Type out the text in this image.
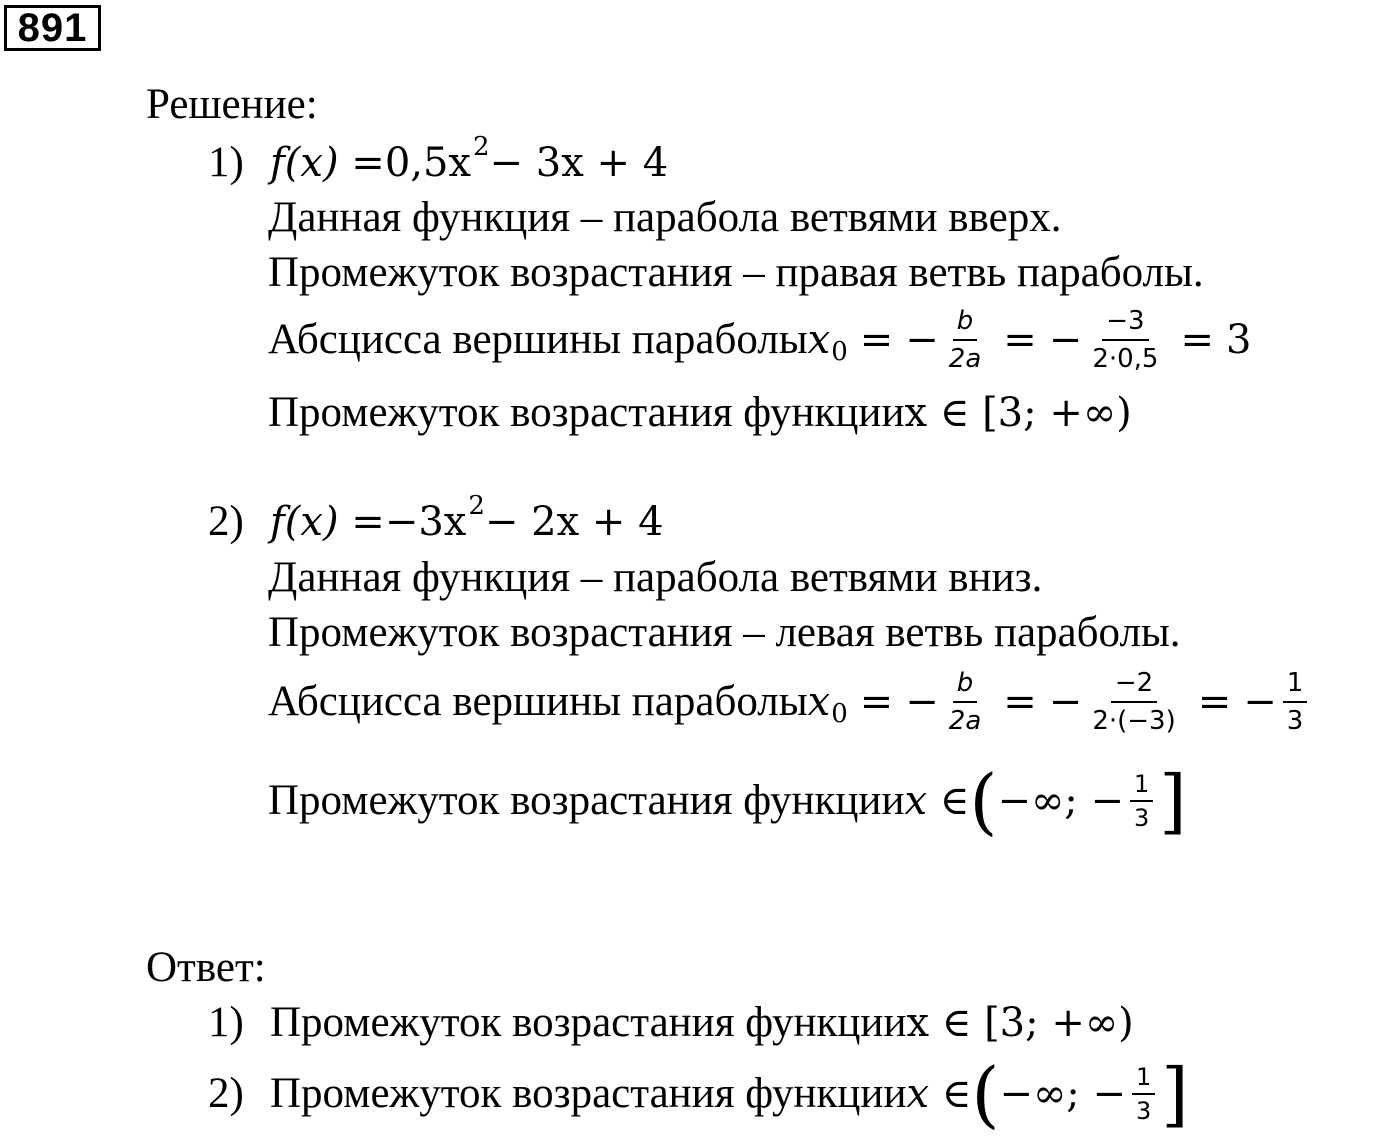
891
Решение:
1) f(x) = 0,5x 2 − 3x + 4
Данная функция – парабола ветвями вверх.
Промежуток возрастания – правая ветвь параболы.
Абсцисса вершины параболы x 0 = − $\frac{b}{2a}$ = − $\frac{-3}{2\cdot 0,5} = 3$
Промежуток возрастания функции x ∈ [3; +∞)
2) f(x) = −3x 2 − 2x + 4
Данная функция – парабола ветвями вниз.
Промежуток возрастания – левая ветвь параболы.
Абсцисса вершины параболы x 0 = − $\frac{b}{2a}$ = − $\frac{-2}{2\cdot(-3)}$ = − $\frac{1}{3}$
Промежуток возрастания функции x ∈ ( −∞; − $\frac{1}{3}$ ]
Ответ:
1) Промежуток возрастания функции x ∈ [3; +∞)
2) Промежуток возрастания функции x ∈ ( −∞; − $\frac{1}{3}$ ]
